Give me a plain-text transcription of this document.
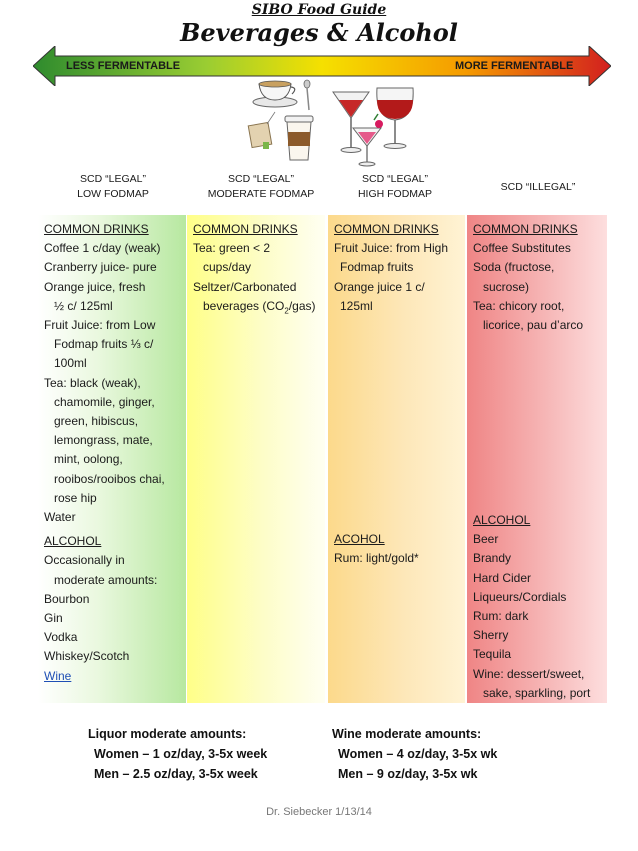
SIBO Food Guide
Beverages & Alcohol
LESS FERMENTABLE	MORE FERMENTABLE
SCD “LEGAL”
LOW FODMAP
SCD “LEGAL”
MODERATE FODMAP
SCD “LEGAL”
HIGH FODMAP
SCD “ILLEGAL”
COMMON DRINKS
Coffee 1 c/day (weak)
Cranberry juice- pure
Orange juice, fresh
½ c/ 125ml
Fruit Juice: from Low
Fodmap fruits ⅓ c/
100ml
Tea: black (weak),
chamomile, ginger,
green, hibiscus,
lemongrass, mate,
mint, oolong,
rooibos/rooibos chai,
rose hip
Water
ALCOHOL
Occasionally in
moderate amounts:
Bourbon
Gin
Vodka
Whiskey/Scotch
Wine
COMMON DRINKS
Tea: green < 2
cups/day
Seltzer/Carbonated
beverages $(CO_2/gas)$
COMMON DRINKS
Fruit Juice: from High
Fodmap fruits
Orange juice 1 c/
125ml
ACOHOL
Rum: light/gold*
COMMON DRINKS
Coffee Substitutes
Soda (fructose,
sucrose)
Tea: chicory root,
licorice, pau d’arco
ALCOHOL
Beer
Brandy
Hard Cider
Liqueurs/Cordials
Rum: dark
Sherry
Tequila
Wine: dessert/sweet,
sake, sparkling, port
Liquor moderate amounts:
Women – 1 oz/day, 3-5x week
Men – 2.5 oz/day, 3-5x week
Wine moderate amounts:
Women – 4 oz/day, 3-5x wk
Men – 9 oz/day, 3-5x wk
Dr. Siebecker 1/13/14
